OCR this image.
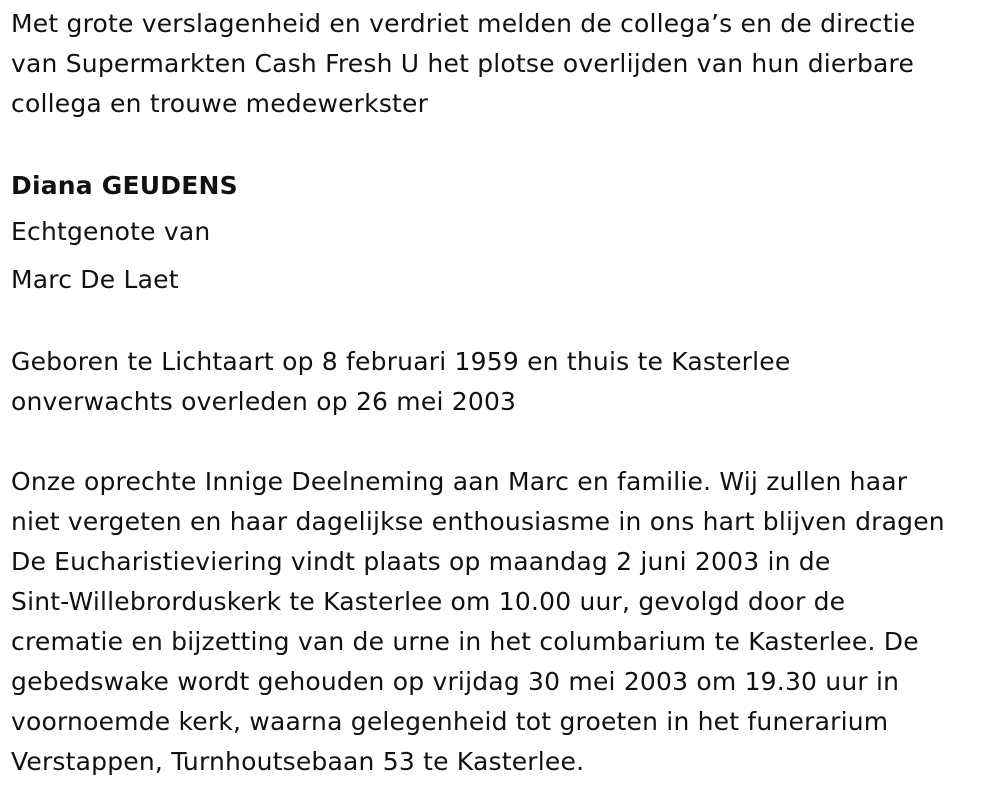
Met grote verslagenheid en verdriet melden de collega’s en de directie
van Supermarkten Cash Fresh U het plotse overlijden van hun dierbare
collega en trouwe medewerkster
Diana GEUDENS
Echtgenote van
Marc De Laet
Geboren te Lichtaart op 8 februari 1959 en thuis te Kasterlee
onverwachts overleden op 26 mei 2003
Onze oprechte Innige Deelneming aan Marc en familie. Wij zullen haar
niet vergeten en haar dagelijkse enthousiasme in ons hart blijven dragen
De Eucharistieviering vindt plaats op maandag 2 juni 2003 in de
Sint-Willebrorduskerk te Kasterlee om 10.00 uur, gevolgd door de
crematie en bijzetting van de urne in het columbarium te Kasterlee. De
gebedswake wordt gehouden op vrijdag 30 mei 2003 om 19.30 uur in
voornoemde kerk, waarna gelegenheid tot groeten in het funerarium
Verstappen, Turnhoutsebaan 53 te Kasterlee.
